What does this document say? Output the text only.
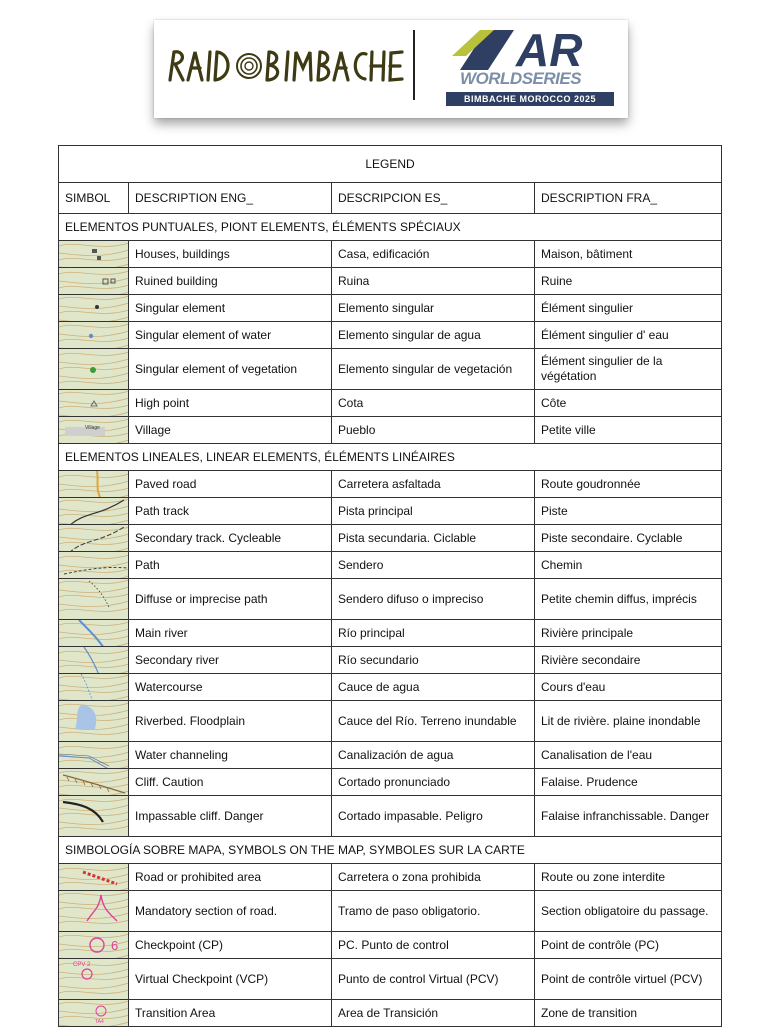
AR
WORLDSERIES
BIMBACHE MOROCCO 2025
LEGEND			
SIMBOL	DESCRIPTION ENG_	DESCRIPCION ES_	DESCRIPTION FRA_
ELEMENTOS PUNTUALES, PIONT ELEMENTS, ÉLÉMENTS SPÉCIAUX			

	Houses, buildings	Casa, edificación	Maison, bâtiment

	Ruined building	Ruina	Ruine

	Singular element	Elemento singular	Élément singulier

	Singular element of water	Elemento singular de agua	Élément singulier d' eau

	Singular element of vegetation	Elemento singular de vegetación	Élément singulier de la végétation

	High point	Cota	Côte

Village	Village	Pueblo	Petite ville
ELEMENTOS LINEALES, LINEAR ELEMENTS, ÉLÉMENTS LINÉAIRES			

	Paved road	Carretera asfaltada	Route goudronnée

	Path track	Pista principal	Piste

	Secondary track. Cycleable	Pista secundaria. Ciclable	Piste secondaire. Cyclable

	Path	Sendero	Chemin

	Diffuse or imprecise path	Sendero difuso o impreciso	Petite chemin diffus, imprécis

	Main river	Río principal	Rivière principale

	Secondary river	Río secundario	Rivière secondaire

	Watercourse	Cauce de agua	Cours d'eau

	Riverbed. Floodplain	Cauce del Río. Terreno inundable	Lit de rivière. plaine inondable

	Water channeling	Canalización de agua	Canalisation de l'eau

	Cliff. Caution	Cortado pronunciado	Falaise. Prudence

	Impassable cliff. Danger	Cortado impasable. Peligro	Falaise infranchissable. Danger
SIMBOLOGÍA SOBRE MAPA, SYMBOLS ON THE MAP, SYMBOLES SUR LA CARTE			

	Road or prohibited area	Carretera o zona prohibida	Route ou zone interdite

	Mandatory section of road.	Tramo de paso obligatorio.	Section obligatoire du passage.

6	Checkpoint (CP)	PC. Punto de control	Point de contrôle (PC)

CPV 2	Virtual Checkpoint (VCP)	Punto de control Virtual (PCV)	Point de contrôle virtuel (PCV)

TA4	Transition Area	Area de Transición	Zone de transition
